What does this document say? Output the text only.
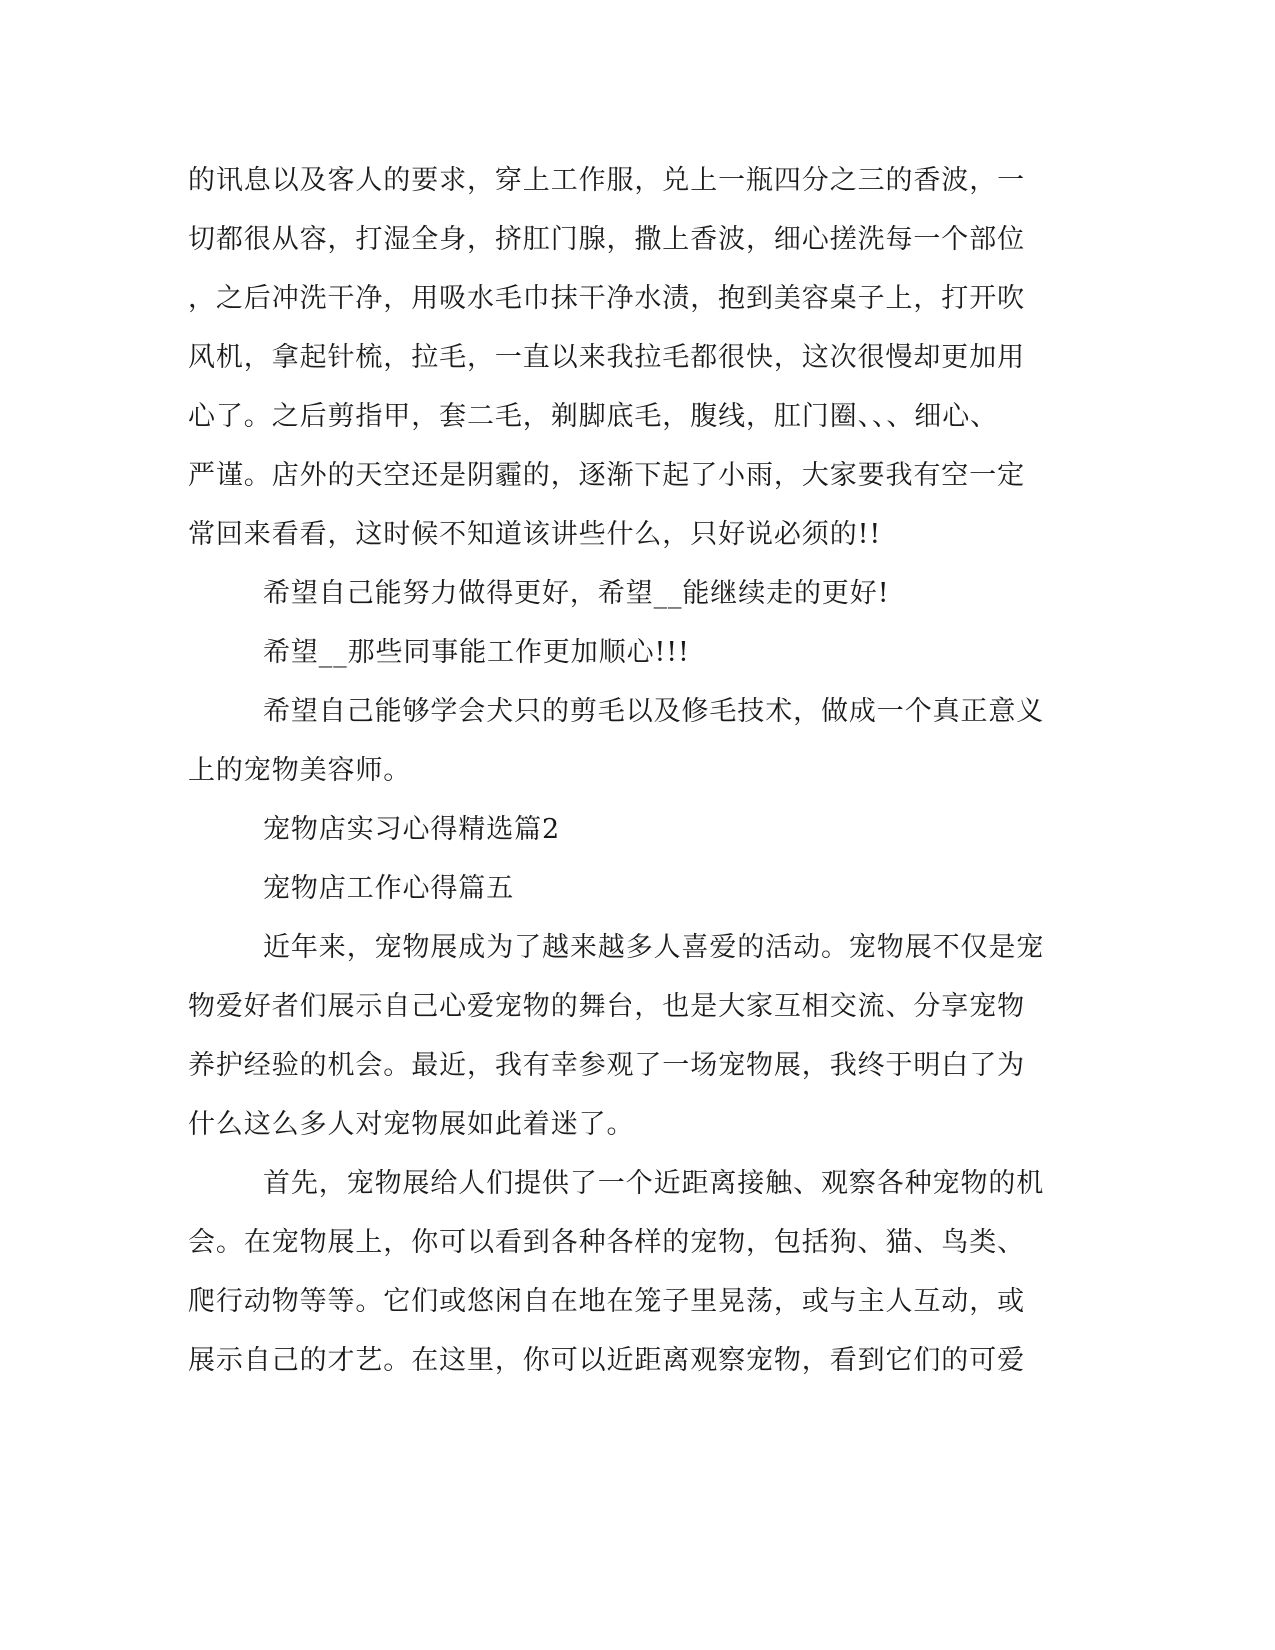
的讯息以及客人的要求，穿上工作服，兑上一瓶四分之三的香波，一
切都很从容，打湿全身，挤肛门腺，撒上香波，细心搓洗每一个部位
，之后冲洗干净，用吸水毛巾抹干净水渍，抱到美容桌子上，打开吹
风机，拿起针梳，拉毛，一直以来我拉毛都很快，这次很慢却更加用
心了。之后剪指甲，套二毛，剃脚底毛，腹线，肛门圈、、、细心、
严谨。店外的天空还是阴霾的，逐渐下起了小雨，大家要我有空一定
常回来看看，这时候不知道该讲些什么，只好说必须的!!
希望自己能努力做得更好，希望__能继续走的更好!
希望__那些同事能工作更加顺心!!!
希望自己能够学会犬只的剪毛以及修毛技术，做成一个真正意义
上的宠物美容师。
宠物店实习心得精选篇2
宠物店工作心得篇五
近年来，宠物展成为了越来越多人喜爱的活动。宠物展不仅是宠
物爱好者们展示自己心爱宠物的舞台，也是大家互相交流、分享宠物
养护经验的机会。最近，我有幸参观了一场宠物展，我终于明白了为
什么这么多人对宠物展如此着迷了。
首先，宠物展给人们提供了一个近距离接触、观察各种宠物的机
会。在宠物展上，你可以看到各种各样的宠物，包括狗、猫、鸟类、
爬行动物等等。它们或悠闲自在地在笼子里晃荡，或与主人互动，或
展示自己的才艺。在这里，你可以近距离观察宠物，看到它们的可爱
